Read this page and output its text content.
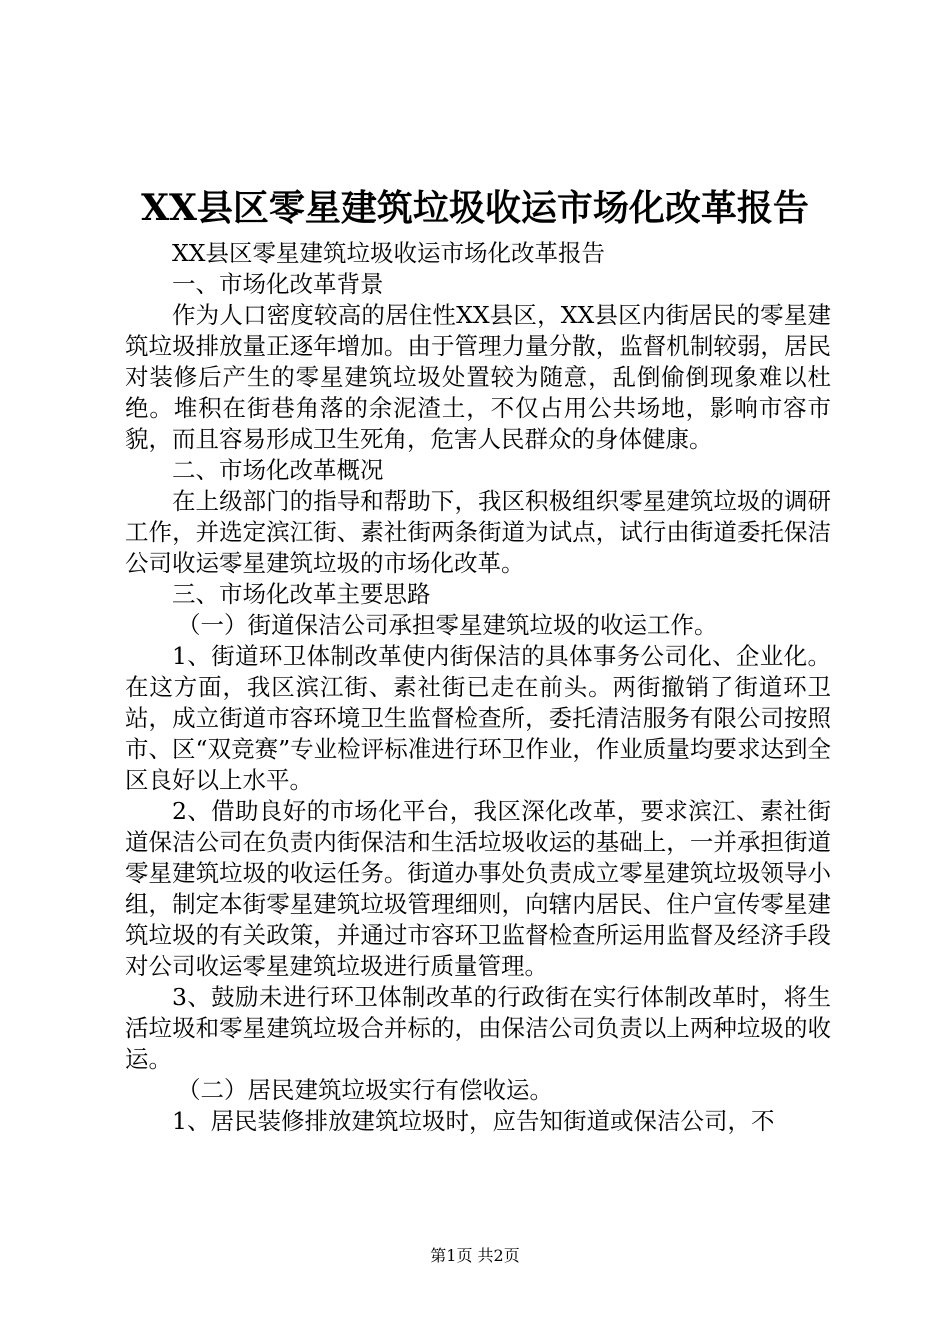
XX县区零星建筑垃圾收运市场化改革报告

XX县区零星建筑垃圾收运市场化改革报告

一、市场化改革背景

作为人口密度较高的居住性XX县区，XX县区内街居民的零星建筑垃圾排放量正逐年增加。由于管理力量分散，监督机制较弱，居民对装修后产生的零星建筑垃圾处置较为随意，乱倒偷倒现象难以杜绝。堆积在街巷角落的余泥渣土，不仅占用公共场地，影响市容市貌，而且容易形成卫生死角，危害人民群众的身体健康。

二、市场化改革概况

在上级部门的指导和帮助下，我区积极组织零星建筑垃圾的调研工作，并选定滨江街、素社街两条街道为试点，试行由街道委托保洁公司收运零星建筑垃圾的市场化改革。

三、市场化改革主要思路

（一）街道保洁公司承担零星建筑垃圾的收运工作。

1、街道环卫体制改革使内街保洁的具体事务公司化、企业化。在这方面，我区滨江街、素社街已走在前头。两街撤销了街道环卫站，成立街道市容环境卫生监督检查所，委托清洁服务有限公司按照市、区“双竞赛”专业检评标准进行环卫作业，作业质量均要求达到全区良好以上水平。

2、借助良好的市场化平台，我区深化改革，要求滨江、素社街道保洁公司在负责内街保洁和生活垃圾收运的基础上，一并承担街道零星建筑垃圾的收运任务。街道办事处负责成立零星建筑垃圾领导小组，制定本街零星建筑垃圾管理细则，向辖内居民、住户宣传零星建筑垃圾的有关政策，并通过市容环卫监督检查所运用监督及经济手段对公司收运零星建筑垃圾进行质量管理。

3、鼓励未进行环卫体制改革的行政街在实行体制改革时，将生活垃圾和零星建筑垃圾合并标的，由保洁公司负责以上两种垃圾的收运。

（二）居民建筑垃圾实行有偿收运。

1、居民装修排放建筑垃圾时，应告知街道或保洁公司，不

第1页 共2页
